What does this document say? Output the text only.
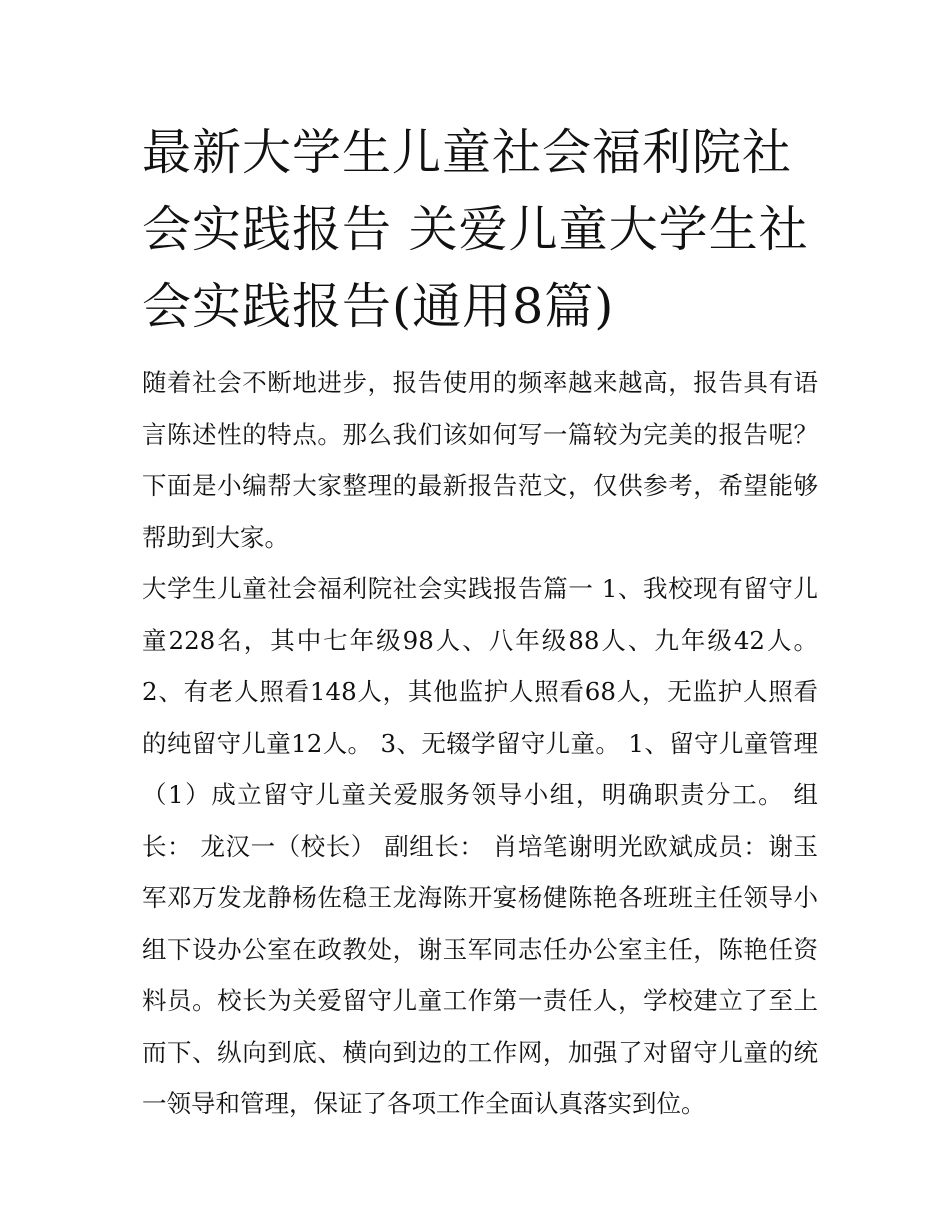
最新大学生儿童社会福利院社会实践报告 关爱儿童大学生社会实践报告(通用8篇)

随着社会不断地进步，报告使用的频率越来越高，报告具有语言陈述性的特点。那么我们该如何写一篇较为完美的报告呢？下面是小编帮大家整理的最新报告范文，仅供参考，希望能够帮助到大家。

大学生儿童社会福利院社会实践报告篇一 1、我校现有留守儿童228名，其中七年级98人、八年级88人、九年级42人。 2、有老人照看148人，其他监护人照看68人，无监护人照看的纯留守儿童12人。 3、无辍学留守儿童。 1、留守儿童管理 （1）成立留守儿童关爱服务领导小组，明确职责分工。 组长： 龙汉一（校长） 副组长： 肖培笔谢明光欧斌成员：谢玉军邓万发龙静杨佐稳王龙海陈开宴杨健陈艳各班班主任领导小组下设办公室在政教处，谢玉军同志任办公室主任，陈艳任资料员。校长为关爱留守儿童工作第一责任人，学校建立了至上而下、纵向到底、横向到边的工作网，加强了对留守儿童的统一领导和管理，保证了各项工作全面认真落实到位。
